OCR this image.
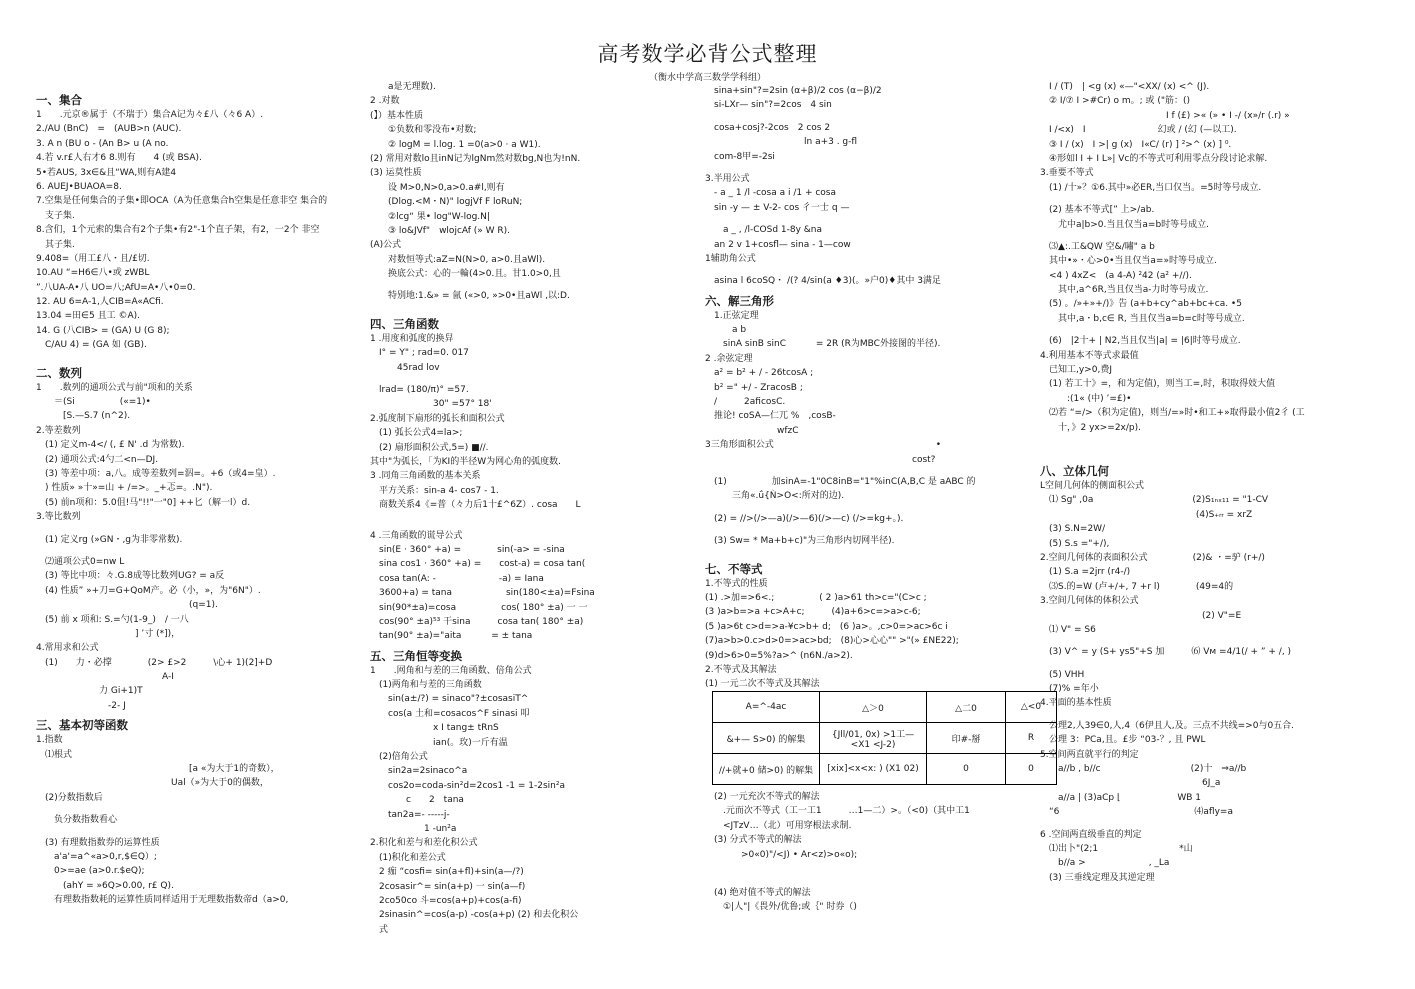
高考数学必背公式整理
（衡水中学高三数学学科组）
一、集合
1　　.元京®属于（不瑞于）集合A记为々£八（々6 A）.
2./AU (BnC)　=　(AUB>n (AUC).
3. A n (BU o - (An B> u (A no.
4.若 v.r£人右才6 8.则有　　4 (或 BSA).
5•若AUS, 3x∈&且“WA,则有A建4
6. AUEJ•BUAOA=8.
7.空集是任何集合的子集•即OCA（A为任意集合h空集是任意非空 集合的
　支子集.
8.含们，1个元索的集合有2个子集•有2"-1个直子架，有2，一2个 非空
　其子集.
9.408=（用工£八・且/£切.
10.AU “=H6∈八•或 zWBL
”.八UA-A•八 UO=八;AfU=A•八•0=0.
12. AU 6=A-1,人CIB=A«ACfi.
13.04 =田∈5 且工 ©A).
14. G (八CIB> = (GA) U (G 8);
　C/AU 4) = (GA 如 (GB).
二、数列
1　　.数列的通项公式与前"项和的关系
　　＝(Si　　　　　(«=1)•
　　　[S.—S.7 (n^2).
2.等差数列
　(1) 定义m-4</ (, £ N' .d 为常数).
　(2) 通项公式:4勺二<n—DJ.
　(3) 等差中项：a,八。成等差数列=泅=。+6（或4=皇）.
　) 性质» »十»=山 + /=>。_+忑=。.N").
　(5) 前n项和：5.0伹!马"!!"一"0] ++匕（解一l）d.
3.等比数列
　(1) 定义rg (»GN・,g为非零常数).
　⑵通项公式0=nw L
　(3) 等比中项：々.G.8成等比数列UG? = a反
　(4) 性质” »+刀=G+QoM产。必（小，»，为"6N"）.
　　　　　　　　　　　　　　　　　(q=1).
　(5) 前 x 项和: S.=勺(1-9_)　/ 一八
　　　　　　　　　　　] ’寸 (*])，
4.常用求和公式
　(1)　　力・必撑　　　　(2> £>2　　　\心+ 1)(2]+D
　　　　　　　　　　　　　　A-I
　　　　　　　力 Gi+1)T
　　　　　　　　-2- J
三、基本初等函数
1.指数
　⑴根式
　　　　　　　　　　　　　　　　　[a «为大于1的奇数），
　　　　　　　　　　　　　　　Ual（»为大于0的偶数，
　(2)分数指数后
　　负分数指数看心
　(3) 有理数指数券的运算性质
　　a'a'=a^«a>0,r,$∈Q）;
　　0>=ae (a>0.r.$eQ);
　　　(ahY = »6Q>0.00, r£ Q).
　　有理数指数耗的运算性质同样适用于无理数指数帝d（a>0,
　　a是无理数).
2 .对数
(】）基本性质
　　①负数和零没布•对数;
　　② logM = l.log. 1 =0(a>0 · a W1).
(2) 常用对数lo且inN记为lgNm然对数bg,N也为!nN.
(3) 运莫性质
　　设 M>0,N>0,a>0.a#l,则有
　　(Dlog.<M・N)" logjVf F loRuN;
　　②lcg“ 果• log"W-log.N|
　　③ lo&JVf"　wlojcAf (» W R).
(A)公式
　　对数恒等式:aZ=N(N>0, a>0.且aWl).
　　换底公式：心的一輪(4>0.且。甘1.0>0,且
　　特别地:1.&» = 氤 («>0, »>0•且aWl ,以:D.
四、三角函数
1 .用度和弧度的换舁
　I° = Y" ; rad=0. 017
　　　45rad lov
　lrad= (180/π)° =57.
　　　　　　　30" =57° 18'
2.弧度制下扇形的弧长和面积公式
　(1) 弧长公式4=la>;
　(2) 扇形面积公式,5=) ■//.
其中"为弧长，「为KI的半径W为网心角的弧度数.
3 .同角三角函数的基本关系
　平方关系：sin-a 4- cos7 - 1.
　商数关系4《=普（々力后1十£^6Z）. cosa　　L
4 .三角函数的谎导公式
　sin(E · 360° +a) =　　　　sin(-a> = -sina
　sina cos1 · 360° +a) =　　cost-a) = cosa tan(
　cosa tan(A: -　　　　　　　-a) = Iana
　3600+a) = tana　　　　　　sin(180<±a)=Fsina
　sin(90*±a)=cosa　　　　　cos( 180° ±a) 一 一
　cos(90° ±a)⁵³ 干sina　　　cosa tan( 180° ±a)
　tan(90° ±a)="aita　　　 = ± tana
五、三角恒等变换
1　　.网角和与差的三角函数、倍角公式
　(1)两角和与差的三角函数
　　sin(a±/?) = sinaco"?±cosasiT^
　　cos(a 土和=cosacos^F sinasi 叩
　　　　　　　x I tang± tRnS
　　　　　　　ian(。玫)一斤有温
　(2)倍角公式
　　sin2a=2sinaco^a
　　cos2o=coda-sin²d=2cos1 -1 = 1-2sin²a
　　　　c　　2　tana
　　tan2a=- -----j-
　　　　　　1 -un²a
2.积化和差与和差化积公式
　(1)积化和差公式
　2 痂 “cosfi= sin(a+fl)+sin(a—/?)
　2cosasir^= sin(a+p) 一 sin(a—f)
　2co50co 斗=cos(a+p)+cos(a-fi)
　2sinasin^=cos(a-p) -cos(a+p) (2) 和去化积公
　式
　sina+sin"?=2sin (α+β)/2 cos (α−β)/2
　si-LXr— sin"?=2cos　4 sin
　cosa+cosj?-2cos　2 cos 2
　　　　　　　　　　　ln a+3 . g-fl
　com-8甲=-2si
3.半用公式
　- a _ 1 /l -cosa a i /1 + cosa
　sin -y — ± V-2- cos 彳一士 q —
　　a _ , /l-COSd 1-8y &na
　an 2 v 1+cosfl— sina - 1—cow
1辅助角公式
　asina l 6coSQ・ /(? 4/sin(a ♦3)(。»户0)♦其中 3满足
六、解三角形
　1.正弦定理
　　　a b
　　sinA sinB sinC　　　 = 2R (R为MBC外接图的半径).
2 .余弦定理
　a² = b² + / - 26tcosA ;
　b² =" +/ - ZracosB ;
　/　　　2aficosC.
　推论! coSA—仁兀 %　,cosB-
　　　　　　　　wfzC
3三角形面积公式　　　　　　　　　　　　　　　　　　•
　　　　　　　　　　　　　　　　　　　　　　　cost?
　(1)　　　　　加sinA=-1"0C8inB="1"%inC(A,B,C 是 aABC 的
　　　三角«.ǘ{Ǹ>O<:所对的边).
　(2) = //>(/>—a)(/>—6)(/>—c) (/>=kg+。).
　(3) Sw= * Ma+b+c)"为三角形内切网半径).
七、不等式
1.不等式的性质
(1) .>加=>6<.;　　　　　( 2 )a>61 th>c="(C>c ;
(3 )a>b=>a +c>A+c;　　　(4)a+6>c=>a>c-6;
(5 )a>6t c>d=>a-¥c>b+ d;　(6 )a>。,c>0=>ac>6c i
(7)a>b>0.c>d>0=>ac>bd;　(8)心>心心"" >"(» £NE22);
(9)d>6>0=5%?a>^ (n6N./a>2).
2.不等式及其解法
(1) 一元二次不等式及其解法
　(2) 一元充次不等式的解法
　　.元而次不等式（工一工1　　　…1—二）>。（<0)（其中工1
　　<JTzV…（北）可用穿根法求制.
　(3) 分式不等式的解法
　　　　>0«0)"/<J) • Ar<z)>o«o);
　(4) 绝对值不等式的解法
　　①|人"|《畏外/优鲁;或｛" 时券（)
　I / (T)　| <g (x) «—"<XX/ (x) <^ (J).
　② I/⑦ I >#Cr) o m。; 或 ("筋：()
　　　　　　　　　　　　　　I f (£) >« (» • I -/ (x»/r (.r) »
　I /<x)　I　　　　　　　　幻或 / (幻 (—以工).
　③ I / (x)　I >| g (x)　I«C/ (r) ] ²>^ (x) ] ⁰.
　④形如l I + I L»| Vc的不等式可利用零点分段讨论求解.
3.垂要不等式
　(1) /十»？①6.其中»必ER,当口仅当。=5时等号成立.
　(2) 基本不等式[” 上>/ab.
　　尤中a|b>0.当且仅当a=b时等号成立.
　⑶▲:.工&QW 空&/嘯" a b
　其中•»・心>0•当且仅当a=»时等号成立.
　<4 ) 4xZ<　(a 4-A) ²42 (a² +//).
　　其中,a^6R,当且仅当a-力时等号成立.
　(5) 。/»+»+/)》告 (a+b+cy^ab+bc+ca. •5
　　其中,a・b,c∈ R, 当且仅当a=b=c时等号成立.
　(6)　|2十+ | N2,当且仅当|a| = |6|时等号成立.
4.利用基本不等式求最值
　已知工,y>0,费J
　(1) 若工十》=，和为定值)，则当工=,时，积取得妓大值
　　　:(1« (中) ’=£)•
　⑵若 “=/>（积为定值)，则当/=»时•和工+»取得最小值2彳 (工
　　十，》2 yx>=2x/p).
八、立体几何
L空间几何体的侧面积公式
　⑴ Sg" ,0a　　　　　　　　　　　(2)S₁ₙₓ₁₁ = "1-CV
　　　　　　　　　　　　　　　　　 (4)S₊ᵣᵣ = xrZ
　(3) S.N=2W/
　(5) S.s ="+/),
2.空间几何体的表面积公式　　　　　(2)& ・=驴 (r+/)
　(1) S.a =2jrr (r4-/)
　⑶S.的=W (卢+/+, 7 +r l)　　　　(49=4的
3.空间几何体的体积公式
　　　　　　　　　　　　　　　　　　(2) V"=E
　⑴ V" = S6
　(3) V^ = y (S+ ys5"+S 加　　　⑹ Vм =4/1(/ + ” + /, )
　(5) VHH
　(7)% =年小
4.平面的基本性质
　公理2,人39∈0,人,4（6伊且人,及。三点不共线=>0与0五合.
　公理 3：PCa,且。£步 “03-？, 且 PWL
5.空间两直就平行的判定
　　a//b , b//c　　　　　　　　　　(2)十　⇒a//b
　　　　　　　　　　　　　　　　　　6J_a
　　a//a | (3)aCp ⌊　　　　　　 WB 1
　“6　　　　　　　　　　　　　　　⑷afly=a
6 .空间两直级垂直的判定
　⑴出卜"(2;1　　　　　　　　　*山
　　b//a >　　　　　　　, _La
　(3) 三垂线定理及其逆定理
A=^-4ac	△＞0	△二0	△<0
&+— S>0) 的解集	{Jll/01, 0x) >1工—<X1 <J-2)	印#-掰	R
//+就+0 储>0) 的解集	[xix]<x<x: ) (X1 02)	0	0
